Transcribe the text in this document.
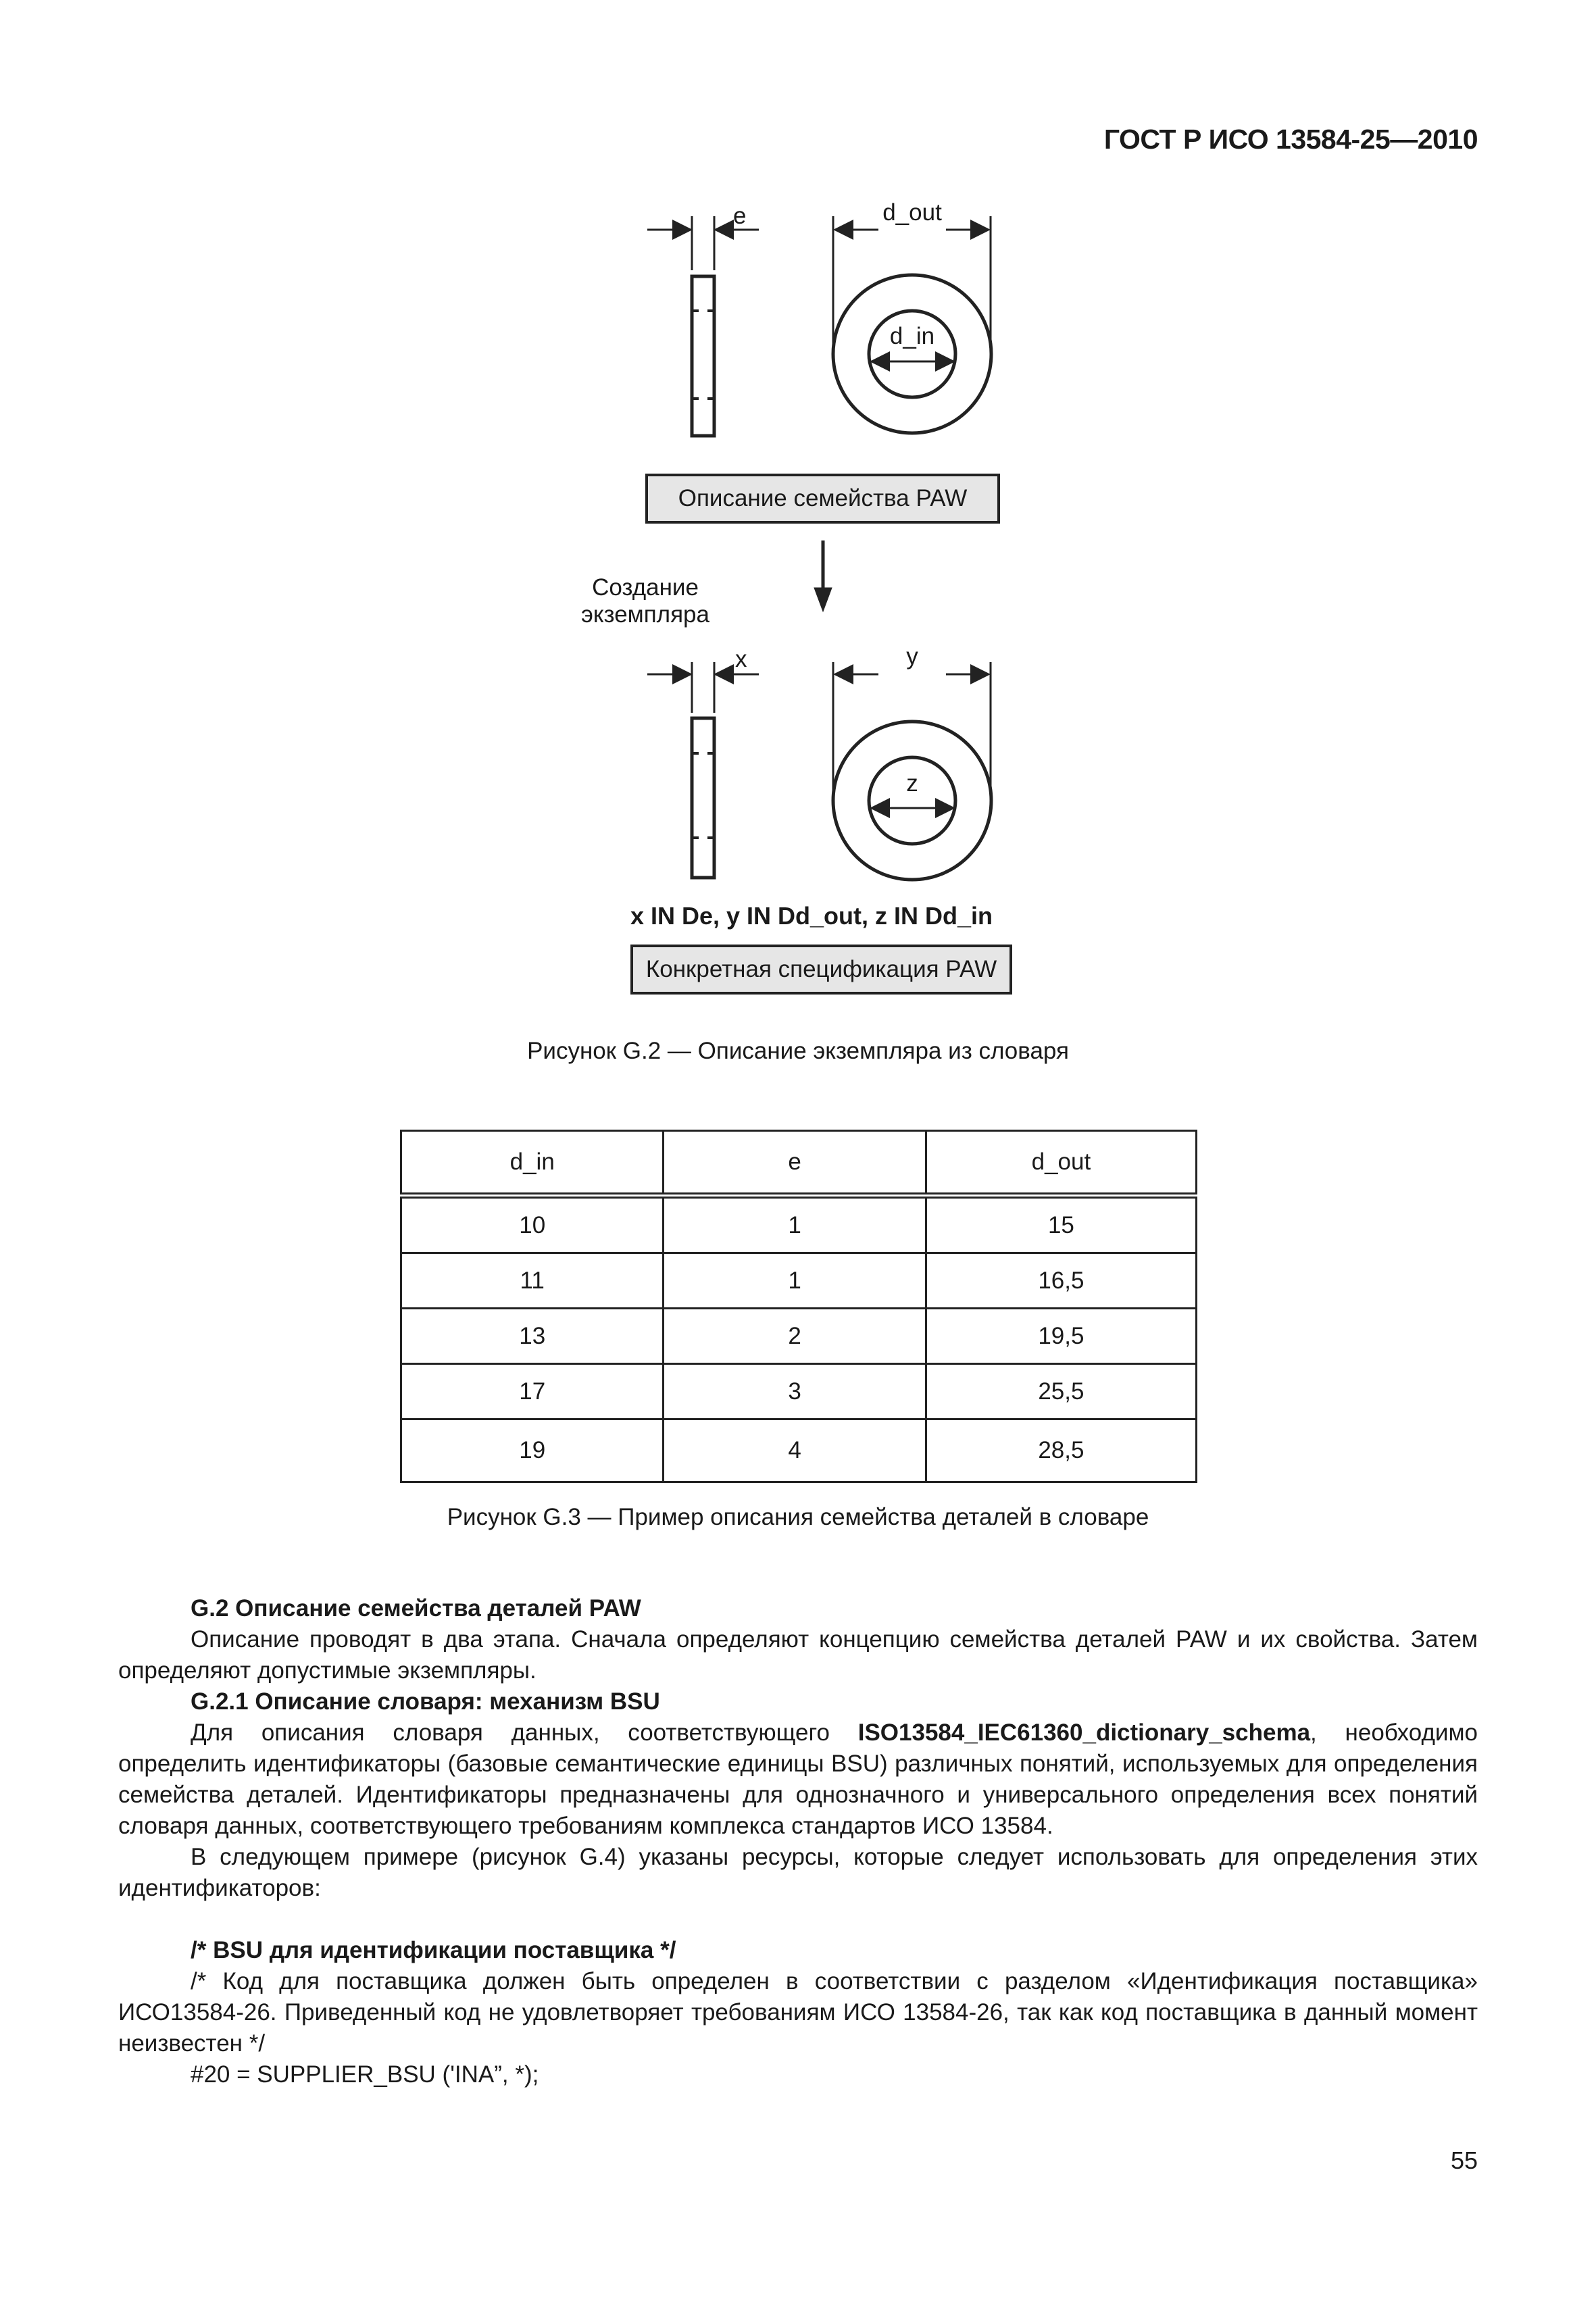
ГОСТ Р ИСО 13584-25—2010
e	d_out
d_in
Описание семейства PAW
Создание
экземпляра
x	y
z
x IN De, y IN Dd_out, z IN Dd_in
Конкретная спецификация PAW
Рисунок G.2 — Описание экземпляра из словаря
d_in	e	d_out
10	1	15
11	1	16,5
13	2	19,5
17	3	25,5
19	4	28,5
Рисунок G.3 — Пример описания семейства деталей в словаре

G.2 Описание семейства деталей PAW

Описание проводят в два этапа. Сначала определяют концепцию семейства деталей PAW и их свойства. Затем определяют допустимые экземпляры.

G.2.1 Описание словаря: механизм BSU

Для описания словаря данных, соответствующего ISO13584_IEC61360_dictionary_schema, необходимо определить идентификаторы (базовые семантические единицы BSU) различных понятий, используемых для определения семейства деталей. Идентификаторы предназначены для однозначного и универсального определения всех понятий словаря данных, соответствующего требованиям комплекса стандартов ИСО 13584.

В следующем примере (рисунок G.4) указаны ресурсы, которые следует использовать для определения этих идентификаторов:

/* BSU для идентификации поставщика */

/* Код для поставщика должен быть определен в соответствии с разделом «Идентификация поставщика» ИСО13584-26. Приведенный код не удовлетворяет требованиям ИСО 13584-26, так как код поставщика в данный момент неизвестен */

#20 = SUPPLIER_BSU ('INA”, *);

55
